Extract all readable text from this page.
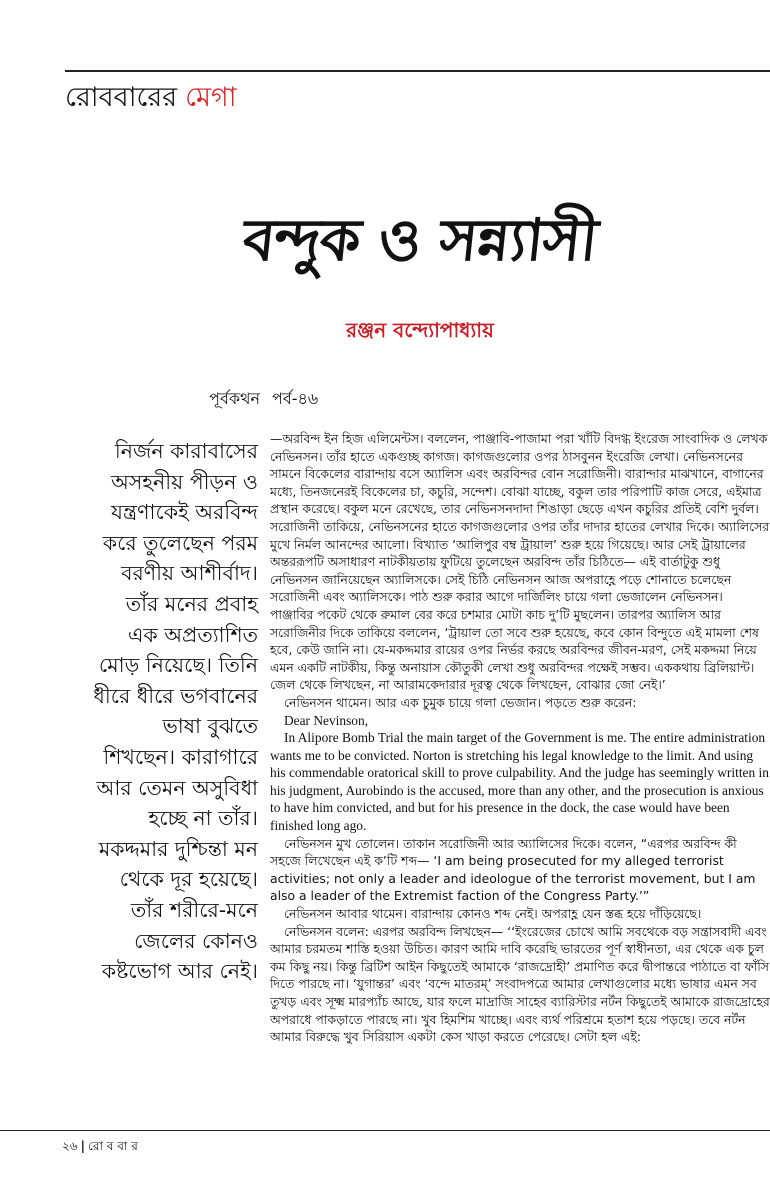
রোববারের মেগা
বন্দুক ও সন্ন্যাসী
রঞ্জন বন্দ্যোপাধ্যায়
পূর্বকথন পর্ব-৪৬
নির্জন কারাবাসের
অসহনীয় পীড়ন ও
যন্ত্রণাকেই অরবিন্দ
করে তুলেছেন পরম
বরণীয় আশীর্বাদ।
তাঁর মনের প্রবাহ
এক অপ্রত্যাশিত
মোড় নিয়েছে। তিনি
ধীরে ধীরে ভগবানের
ভাষা বুঝতে
শিখছেন। কারাগারে
আর তেমন অসুবিধা
হচ্ছে না তাঁর।
মকদ্দমার দুশ্চিন্তা মন
থেকে দূর হয়েছে।
তাঁর শরীরে-মনে
জেলের কোনও
কষ্টভোগ আর নেই।

—অরবিন্দ ইন হিজ এলিমেন্টস। বললেন, পাঞ্জাবি-পাজামা পরা খাঁটি বিদগ্ধ ইংরেজ সাংবাদিক ও লেখক নেভিনসন। তাঁর হাতে একগুচ্ছ কাগজ। কাগজগুলোর ওপর ঠাসবুনন ইংরেজি লেখা। নেভিনসনের সামনে বিকেলের বারান্দায় বসে অ্যালিস এবং অরবিন্দর বোন সরোজিনী। বারান্দার মাঝখানে, বাগানের মধ্যে, তিনজনেরই বিকেলের চা, কচুরি, সন্দেশ। বোঝা যাচ্ছে, বকুল তার পরিপাটি কাজ সেরে, এইমাত্র প্রস্থান করেছে। বকুল মনে রেখেছে, তার নেভিনসনদাদা শিঙাড়া ছেড়ে এখন কচুরির প্রতিই বেশি দুর্বল। সরোজিনী তাকিয়ে, নেভিনসনের হাতে কাগজগুলোর ওপর তাঁর দাদার হাতের লেখার দিকে। অ্যালিসের মুখে নির্মল আনন্দের আলো। বিখ্যাত ‘আলিপুর বম্ব ট্রায়াল’ শুরু হয়ে গিয়েছে। আর সেই ট্রায়ালের অন্তররূপটি অসাধারণ নাটকীয়তায় ফুটিয়ে তুলেছেন অরবিন্দ তাঁর চিঠিতে— এই বার্তাটুকু শুধু নেভিনসন জানিয়েছেন অ্যালিসকে। সেই চিঠি নেভিনসন আজ অপরাহ্ণে পড়ে শোনাতে চলেছেন সরোজিনী এবং অ্যালিসকে। পাঠ শুরু করার আগে দার্জিলিং চায়ে গলা ভেজালেন নেভিনসন। পাঞ্জাবির পকেট থেকে রুমাল বের করে চশমার মোটা কাচ দু’টি মুছলেন। তারপর অ্যালিস আর সরোজিনীর দিকে তাকিয়ে বললেন, ‘ট্রায়াল তো সবে শুরু হয়েছে, কবে কোন বিন্দুতে এই মামলা শেষ হবে, কেউ জানি না। যে-মকদ্দমার রায়ের ওপর নির্ভর করছে অরবিন্দর জীবন-মরণ, সেই মকদ্দমা নিয়ে এমন একটি নাটকীয়, কিন্তু অনায়াস কৌতুকী লেখা শুধু অরবিন্দর পক্ষেই সম্ভব। এককথায় ব্রিলিয়ান্ট। জেল থেকে লিখছেন, না আরামকেদারার দূরত্ব থেকে লিখছেন, বোঝার জো নেই।’

নেভিনসন থামেন। আর এক চুমুক চায়ে গলা ভেজান। পড়তে শুরু করেন:

Dear Nevinson,

In Alipore Bomb Trial the main target of the Government is me. The entire administration wants me to be convicted. Norton is stretching his legal knowledge to the limit. And using his commendable oratorical skill to prove culpability. And the judge has seemingly written in his judgment, Aurobindo is the accused, more than any other, and the prosecution is anxious to have him convicted, and but for his presence in the dock, the case would have been finished long ago.

নেভিনসন মুখ তোলেন। তাকান সরোজিনী আর অ্যালিসের দিকে। বলেন, “এরপর অরবিন্দ কী সহজে লিখেছেন এই ক’টি শব্দ— ‘I am being prosecuted for my alleged terrorist activities; not only a leader and ideologue of the terrorist movement, but I am also a leader of the Extremist faction of the Congress Party.’”

নেভিনসন আবার থামেন। বারান্দায় কোনও শব্দ নেই। অপরাহ্ণ যেন স্তব্ধ হয়ে দাঁড়িয়েছে।

নেভিনসন বলেন: এরপর অরবিন্দ লিখছেন— ‘‘ইংরেজের চোখে আমি সবথেকে বড় সন্ত্রাসবাদী এবং আমার চরমতম শাস্তি হওয়া উচিত। কারণ আমি দাবি করেছি ভারতের পূর্ণ স্বাধীনতা, এর থেকে এক চুল কম কিছু নয়। কিন্তু ব্রিটিশ আইন কিছুতেই আমাকে ‘রাজদ্রোহী’ প্রমাণিত করে দ্বীপান্তরে পাঠাতে বা ফাঁসি দিতে পারছে না। ‘যুগান্তর’ এবং ‘বন্দে মাতরম্’ সংবাদপত্রে আমার লেখাগুলোর মধ্যে ভাষার এমন সব তুখড় এবং সূক্ষ্ম মারপ্যাঁচ আছে, যার ফলে মাদ্রাজি সাহেব ব্যারিস্টার নর্টন কিছুতেই আমাকে রাজদ্রোহের অপরাধে পাকড়াতে পারছে না। খুব হিমশিম খাচ্ছে। এবং ব্যর্থ পরিশ্রমে হতাশ হয়ে পড়ছে। তবে নর্টন আমার বিরুদ্ধে খুব সিরিয়াস একটা কেস খাড়া করতে পেরেছে। সেটা হল এই:

২৬ | রো ব বা র
